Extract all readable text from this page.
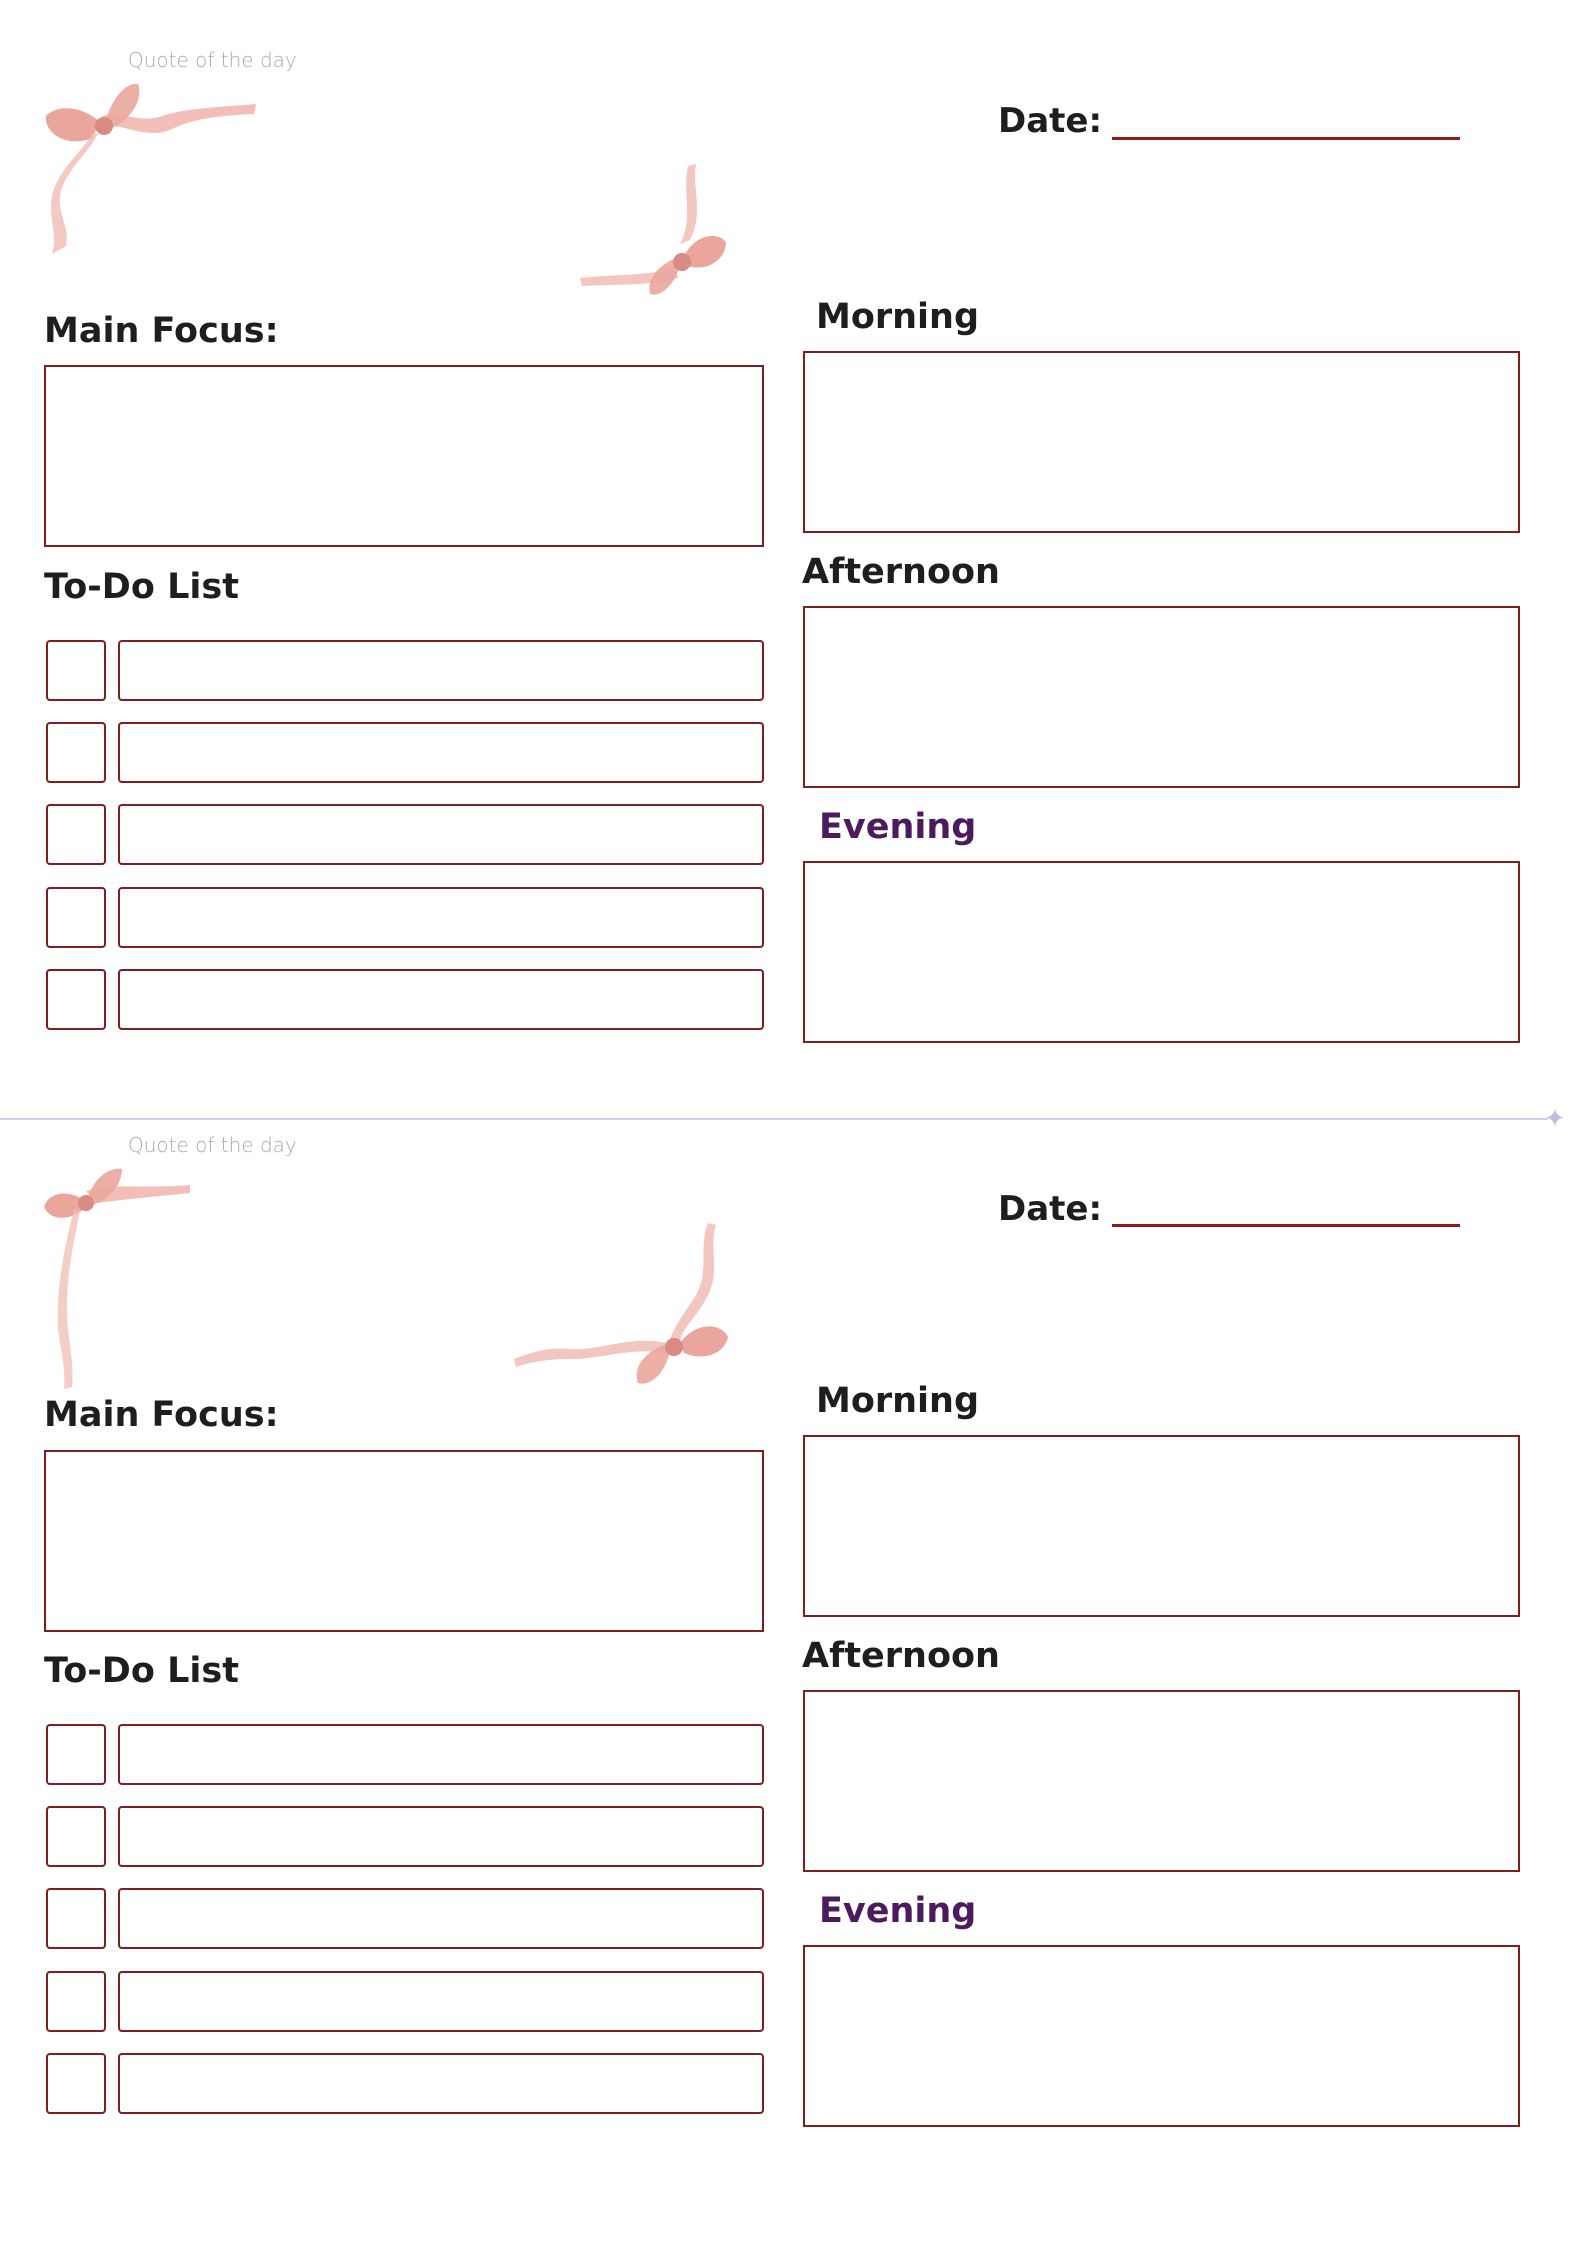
Quote of the day
Date:
Main Focus:
To-Do List
Morning
Afternoon
Evening
✦
Quote of the day
Date:
Main Focus:
To-Do List
Morning
Afternoon
Evening
